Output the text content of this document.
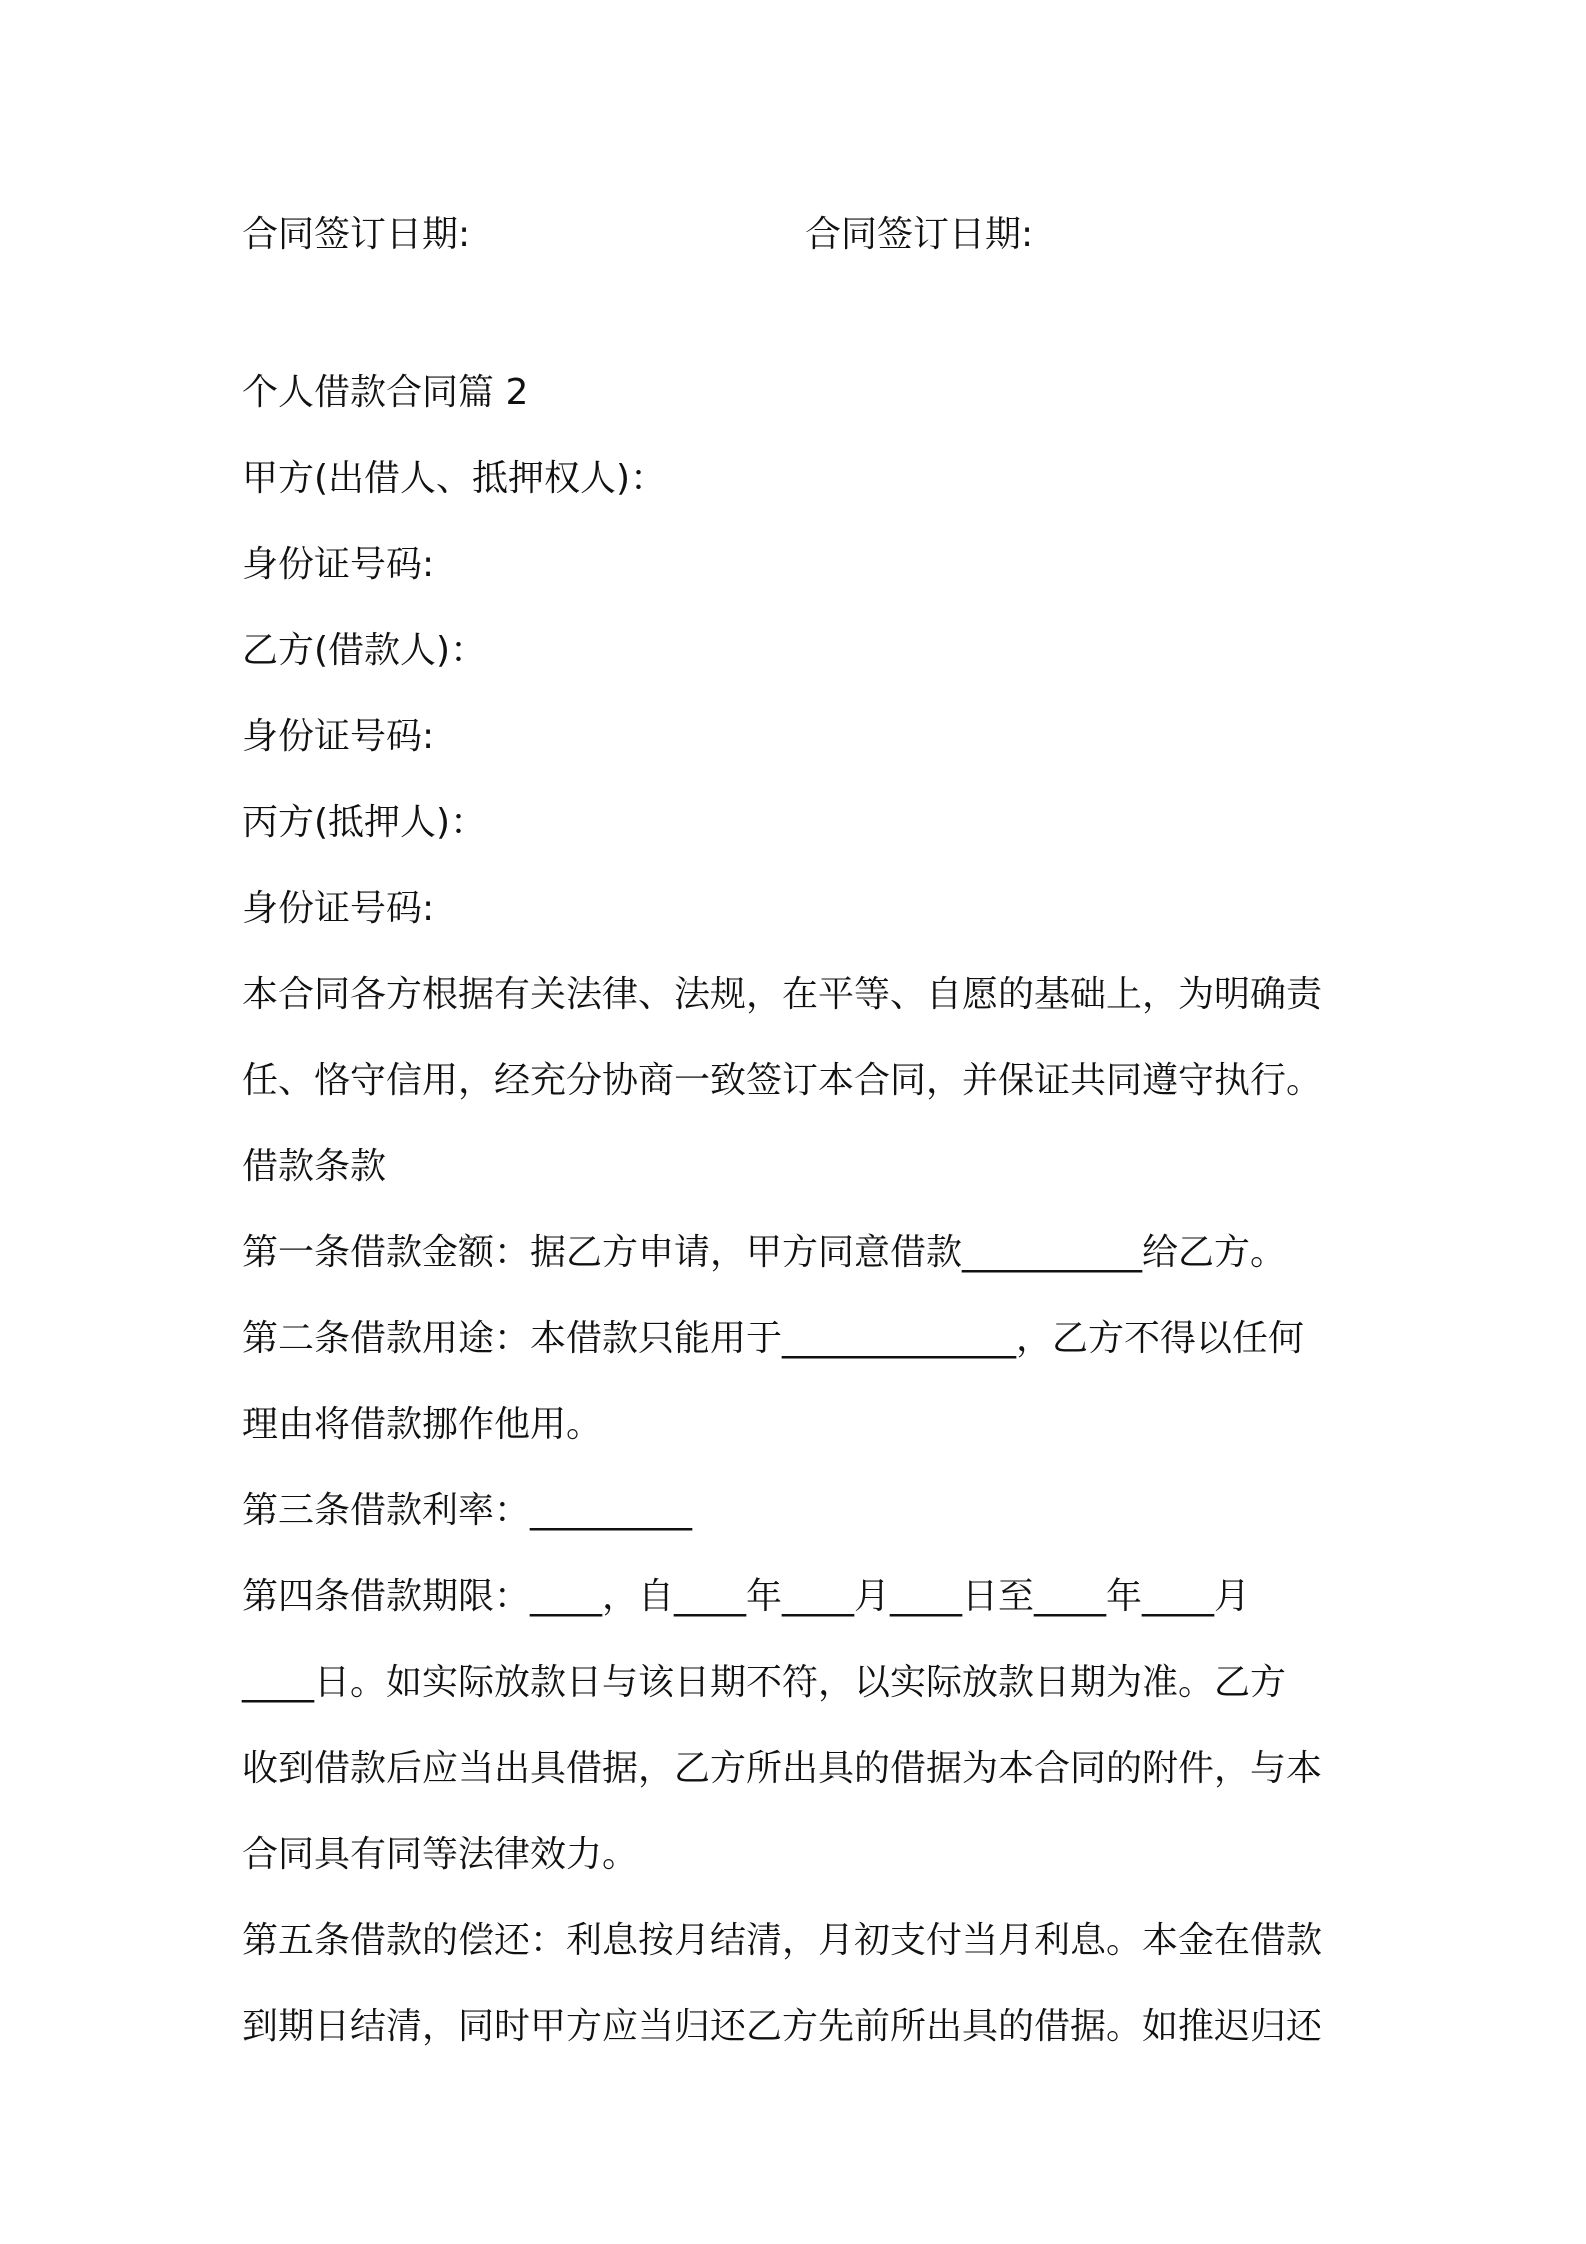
合同签订日期:	合同签订日期:

个人借款合同篇 2

甲方(出借人、抵押权人)：

身份证号码:

乙方(借款人)：

身份证号码:

丙方(抵押人)：

身份证号码:

本合同各方根据有关法律、法规，在平等、自愿的基础上，为明确责

任、恪守信用，经充分协商一致签订本合同，并保证共同遵守执行。

借款条款

第一条借款金额：据乙方申请，甲方同意借款__________给乙方。

第二条借款用途：本借款只能用于_____________，乙方不得以任何

理由将借款挪作他用。

第三条借款利率：_________

第四条借款期限：____，自____年____月____日至____年____月

____日。如实际放款日与该日期不符，以实际放款日期为准。乙方

收到借款后应当出具借据，乙方所出具的借据为本合同的附件，与本

合同具有同等法律效力。

第五条借款的偿还：利息按月结清，月初支付当月利息。本金在借款

到期日结清，同时甲方应当归还乙方先前所出具的借据。如推迟归还
